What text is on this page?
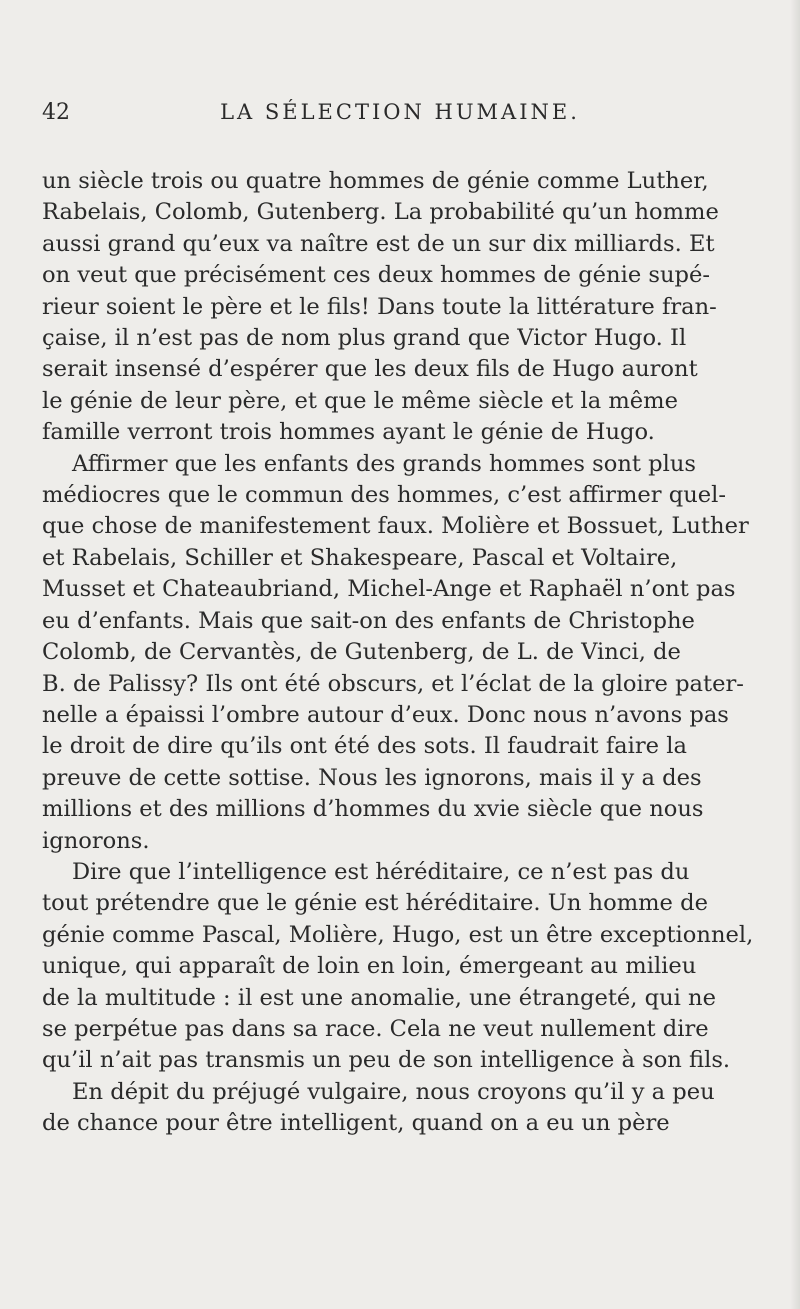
42	LA SÉLECTION HUMAINE.

un siècle trois ou quatre hommes de génie comme Luther,
Rabelais, Colomb, Gutenberg. La probabilité qu’un homme
aussi grand qu’eux va naître est de un sur dix milliards. Et
on veut que précisément ces deux hommes de génie supé-
rieur soient le père et le fils! Dans toute la littérature fran-
çaise, il n’est pas de nom plus grand que Victor Hugo. Il
serait insensé d’espérer que les deux fils de Hugo auront
le génie de leur père, et que le même siècle et la même
famille verront trois hommes ayant le génie de Hugo.

Affirmer que les enfants des grands hommes sont plus
médiocres que le commun des hommes, c’est affirmer quel-
que chose de manifestement faux. Molière et Bossuet, Luther
et Rabelais, Schiller et Shakespeare, Pascal et Voltaire,
Musset et Chateaubriand, Michel-Ange et Raphaël n’ont pas
eu d’enfants. Mais que sait-on des enfants de Christophe
Colomb, de Cervantès, de Gutenberg, de L. de Vinci, de
B. de Palissy? Ils ont été obscurs, et l’éclat de la gloire pater-
nelle a épaissi l’ombre autour d’eux. Donc nous n’avons pas
le droit de dire qu’ils ont été des sots. Il faudrait faire la
preuve de cette sottise. Nous les ignorons, mais il y a des
millions et des millions d’hommes du xvie siècle que nous
ignorons.

Dire que l’intelligence est héréditaire, ce n’est pas du
tout prétendre que le génie est héréditaire. Un homme de
génie comme Pascal, Molière, Hugo, est un être exceptionnel,
unique, qui apparaît de loin en loin, émergeant au milieu
de la multitude : il est une anomalie, une étrangeté, qui ne
se perpétue pas dans sa race. Cela ne veut nullement dire
qu’il n’ait pas transmis un peu de son intelligence à son fils.

En dépit du préjugé vulgaire, nous croyons qu’il y a peu
de chance pour être intelligent, quand on a eu un père
